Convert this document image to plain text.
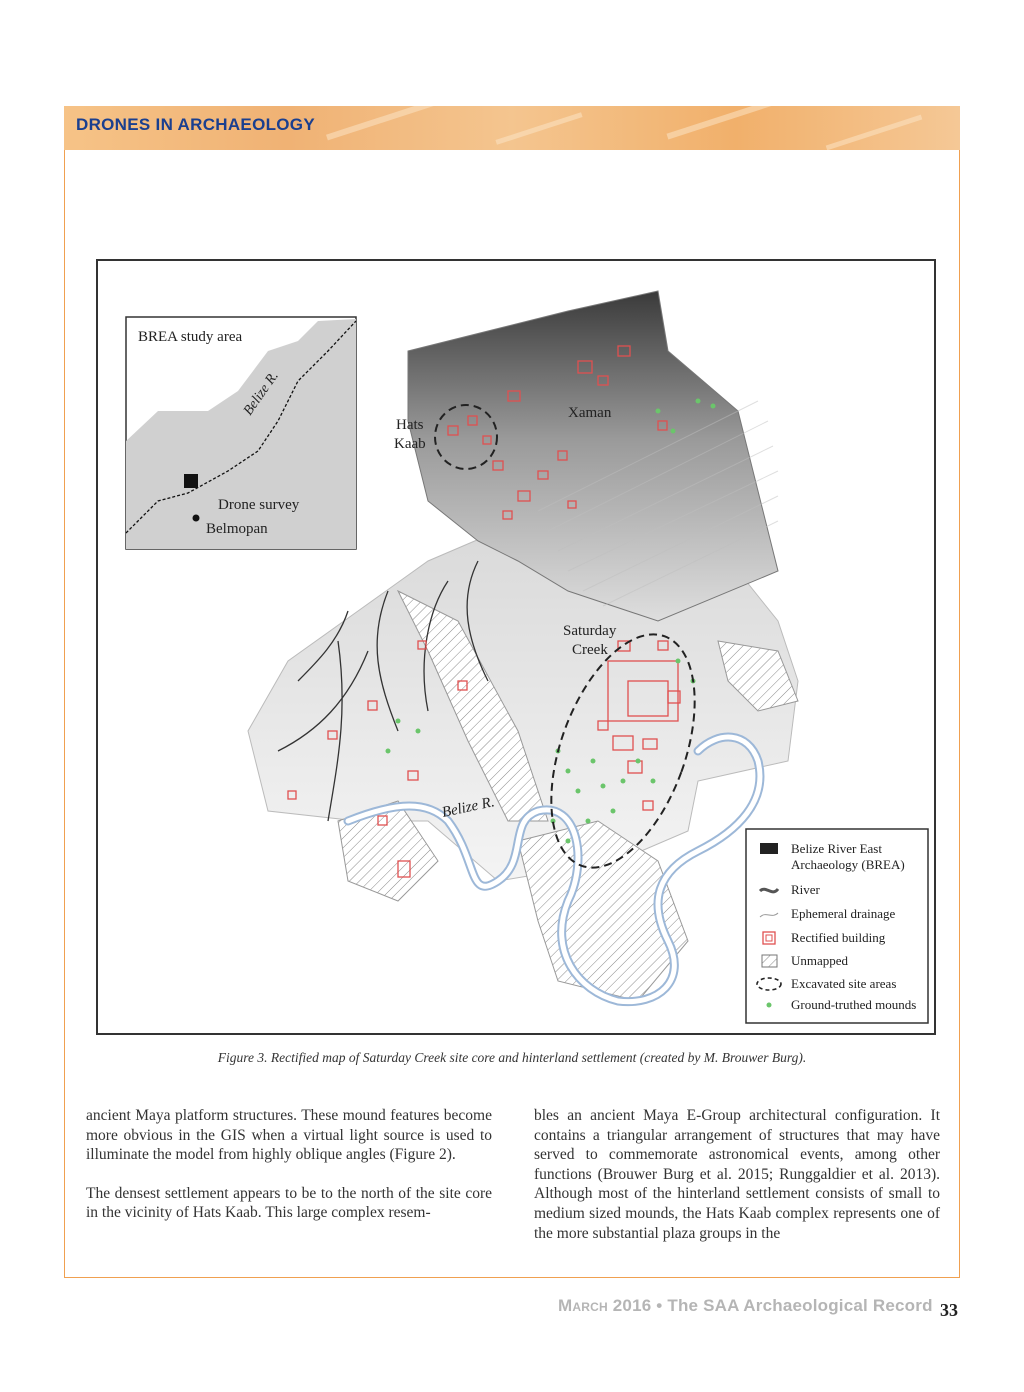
DRONES IN ARCHAEOLOGY
Hats
Kaab
Xaman
Saturday
Creek
Belize R.
BREA study area
Belize R.
Drone survey
Belmopan
Belize River East
Archaeology (BREA)
River
Ephemeral drainage
Rectified building
Unmapped
Excavated site areas
Ground-truthed mounds
Figure 3. Rectified map of Saturday Creek site core and hinterland settlement (created by M. Brouwer Burg).

ancient Maya platform structures. These mound features become more obvious in the GIS when a virtual light source is used to illuminate the model from highly oblique angles (Figure 2).

The densest settlement appears to be to the north of the site core in the vicinity of Hats Kaab. This large complex resem-

bles an ancient Maya E-Group architectural configuration. It contains a triangular arrangement of structures that may have served to commemorate astronomical events, among other functions (Brouwer Burg et al. 2015; Runggaldier et al. 2013). Although most of the hinterland settlement consists of small to medium sized mounds, the Hats Kaab complex represents one of the more substantial plaza groups in the

March 2016 • The SAA Archaeological Record 33
